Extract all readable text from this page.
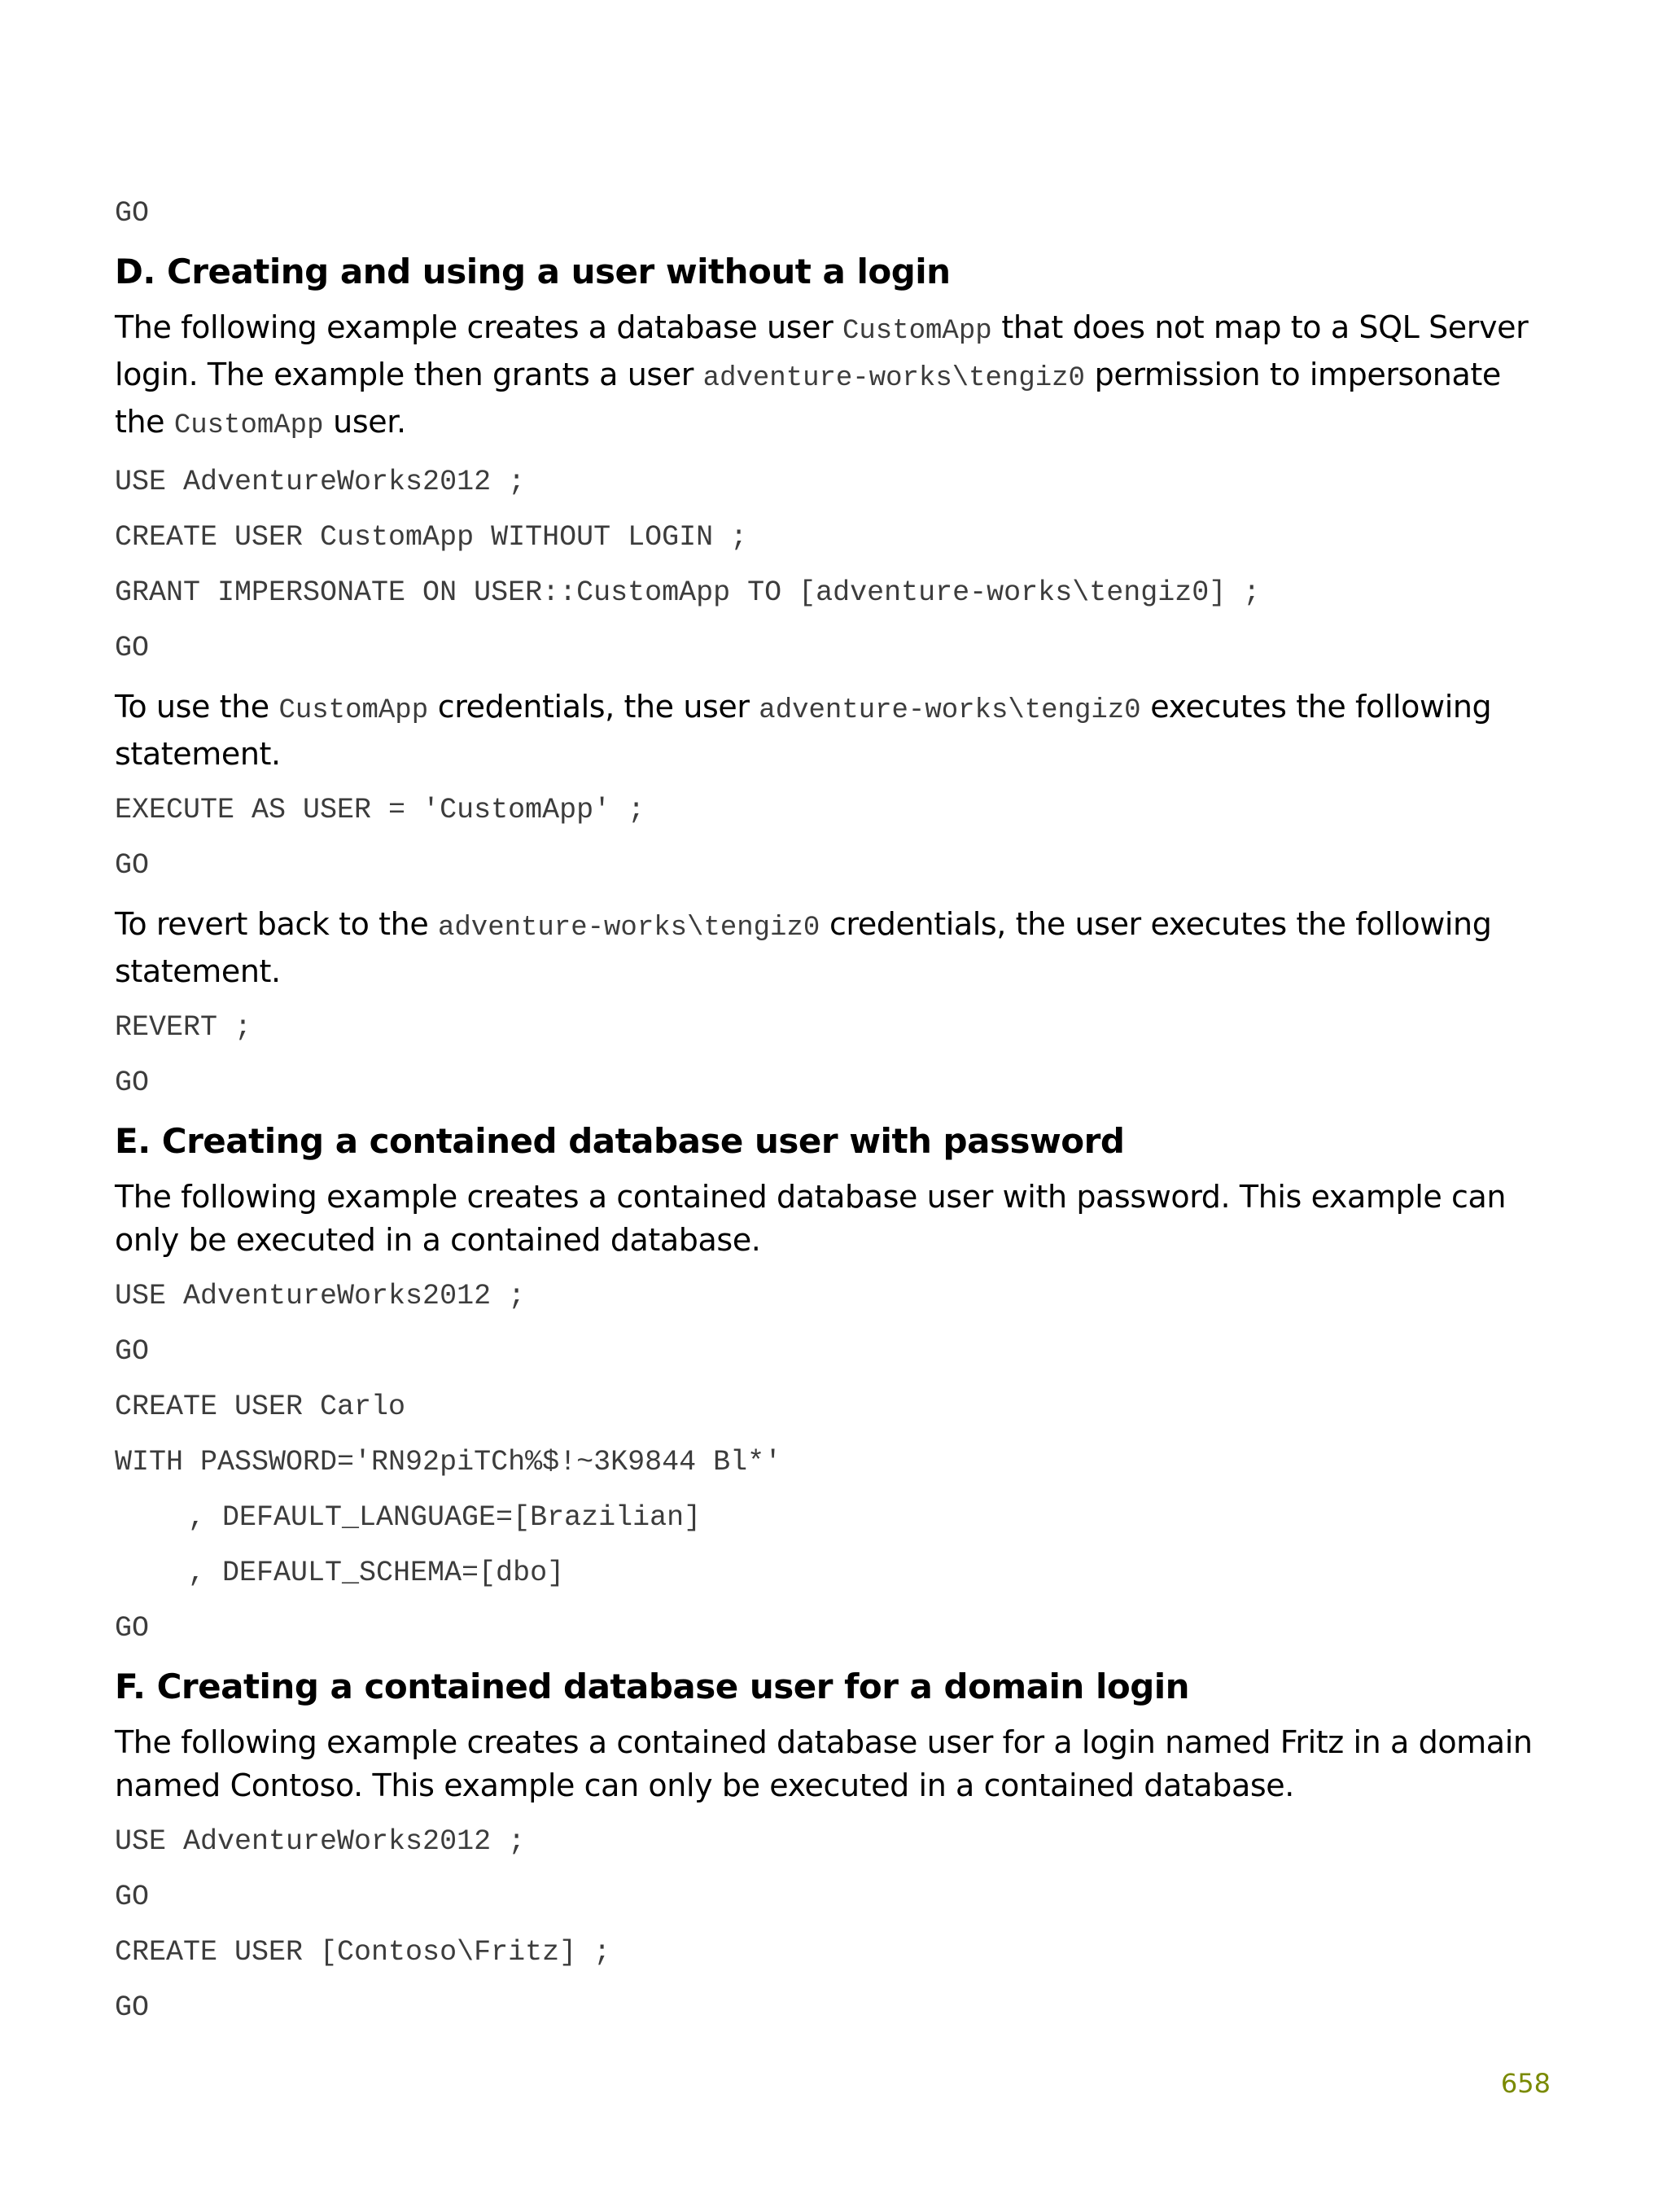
GO
D. Creating and using a user without a login
The following example creates a database user CustomApp that does not map to a SQL Server login. The example then grants a user adventure-works\tengiz0 permission to impersonate the CustomApp user.
USE AdventureWorks2012 ;
CREATE USER CustomApp WITHOUT LOGIN ;
GRANT IMPERSONATE ON USER::CustomApp TO [adventure-works\tengiz0] ;
GO
To use the CustomApp credentials, the user adventure-works\tengiz0 executes the following statement.
EXECUTE AS USER = 'CustomApp' ;
GO
To revert back to the adventure-works\tengiz0 credentials, the user executes the following statement.
REVERT ;
GO
E. Creating a contained database user with password
The following example creates a contained database user with password. This example can only be executed in a contained database.
USE AdventureWorks2012 ;
GO
CREATE USER Carlo
WITH PASSWORD='RN92piTCh%$!~3K9844 Bl*'
, DEFAULT_LANGUAGE=[Brazilian]
, DEFAULT_SCHEMA=[dbo]
GO
F. Creating a contained database user for a domain login
The following example creates a contained database user for a login named Fritz in a domain named Contoso. This example can only be executed in a contained database.
USE AdventureWorks2012 ;
GO
CREATE USER [Contoso\Fritz] ;
GO
658
